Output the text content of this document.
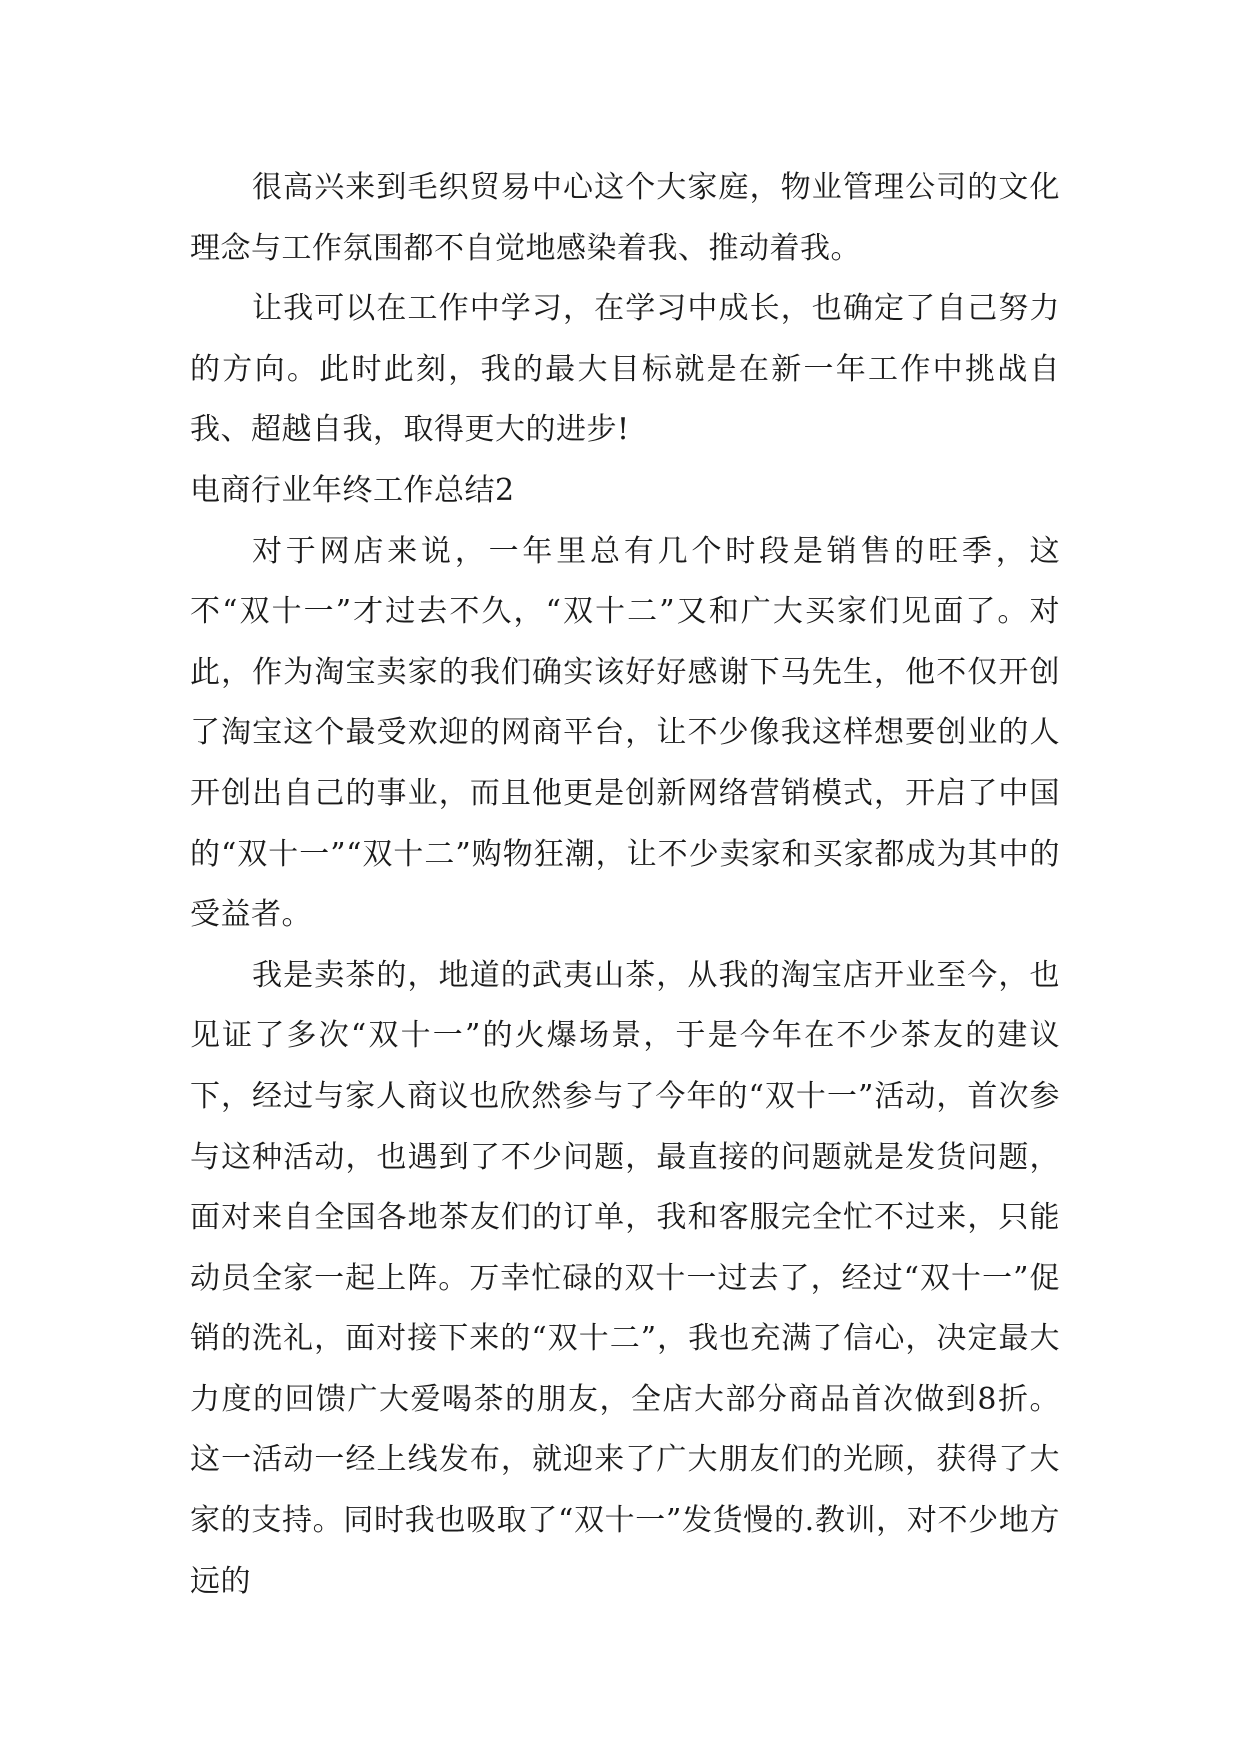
很高兴来到毛织贸易中心这个大家庭，物业管理公司的文化理念与工作氛围都不自觉地感染着我、推动着我。

让我可以在工作中学习，在学习中成长，也确定了自己努力的方向。此时此刻，我的最大目标就是在新一年工作中挑战自我、超越自我，取得更大的进步!

电商行业年终工作总结2

对于网店来说，一年里总有几个时段是销售的旺季，这不“双十一”才过去不久，“双十二”又和广大买家们见面了。对此，作为淘宝卖家的我们确实该好好感谢下马先生，他不仅开创了淘宝这个最受欢迎的网商平台，让不少像我这样想要创业的人开创出自己的事业，而且他更是创新网络营销模式，开启了中国的“双十一”“双十二”购物狂潮，让不少卖家和买家都成为其中的受益者。

我是卖茶的，地道的武夷山茶，从我的淘宝店开业至今，也见证了多次“双十一”的火爆场景，于是今年在不少茶友的建议下，经过与家人商议也欣然参与了今年的“双十一”活动，首次参与这种活动，也遇到了不少问题，最直接的问题就是发货问题，面对来自全国各地茶友们的订单，我和客服完全忙不过来，只能动员全家一起上阵。万幸忙碌的双十一过去了，经过“双十一”促销的洗礼，面对接下来的“双十二”，我也充满了信心，决定最大力度的回馈广大爱喝茶的朋友，全店大部分商品首次做到8折。这一活动一经上线发布，就迎来了广大朋友们的光顾，获得了大家的支持。同时我也吸取了“双十一”发货慢的.教训，对不少地方远的
